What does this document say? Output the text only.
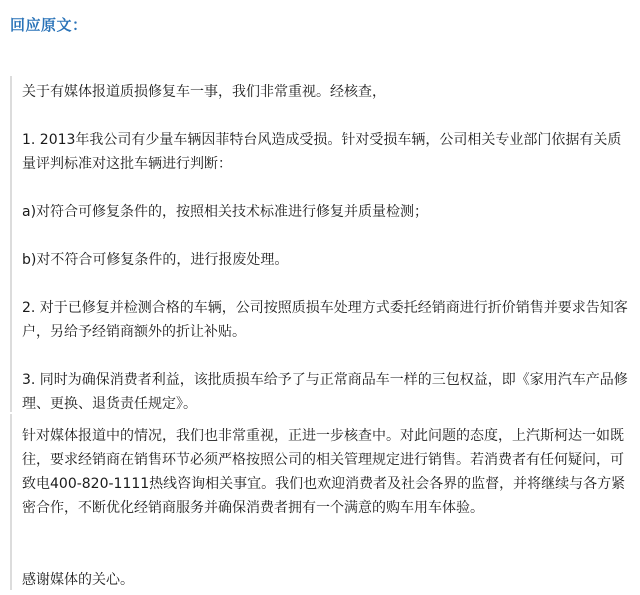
回应原文：

关于有媒体报道质损修复车一事，我们非常重视。经核查，

1. 2013年我公司有少量车辆因菲特台风造成受损。针对受损车辆，公司相关专业部门依据有关质量评判标准对这批车辆进行判断：

a)对符合可修复条件的，按照相关技术标准进行修复并质量检测；

b)对不符合可修复条件的，进行报废处理。

2. 对于已修复并检测合格的车辆，公司按照质损车处理方式委托经销商进行折价销售并要求告知客户，另给予经销商额外的折让补贴。

3. 同时为确保消费者利益，该批质损车给予了与正常商品车一样的三包权益，即《家用汽车产品修理、更换、退货责任规定》。

针对媒体报道中的情况，我们也非常重视，正进一步核查中。对此问题的态度，上汽斯柯达一如既往，要求经销商在销售环节必须严格按照公司的相关管理规定进行销售。若消费者有任何疑问，可致电400-820-1111热线咨询相关事宜。我们也欢迎消费者及社会各界的监督，并将继续与各方紧密合作，不断优化经销商服务并确保消费者拥有一个满意的购车用车体验。

感谢媒体的关心。
